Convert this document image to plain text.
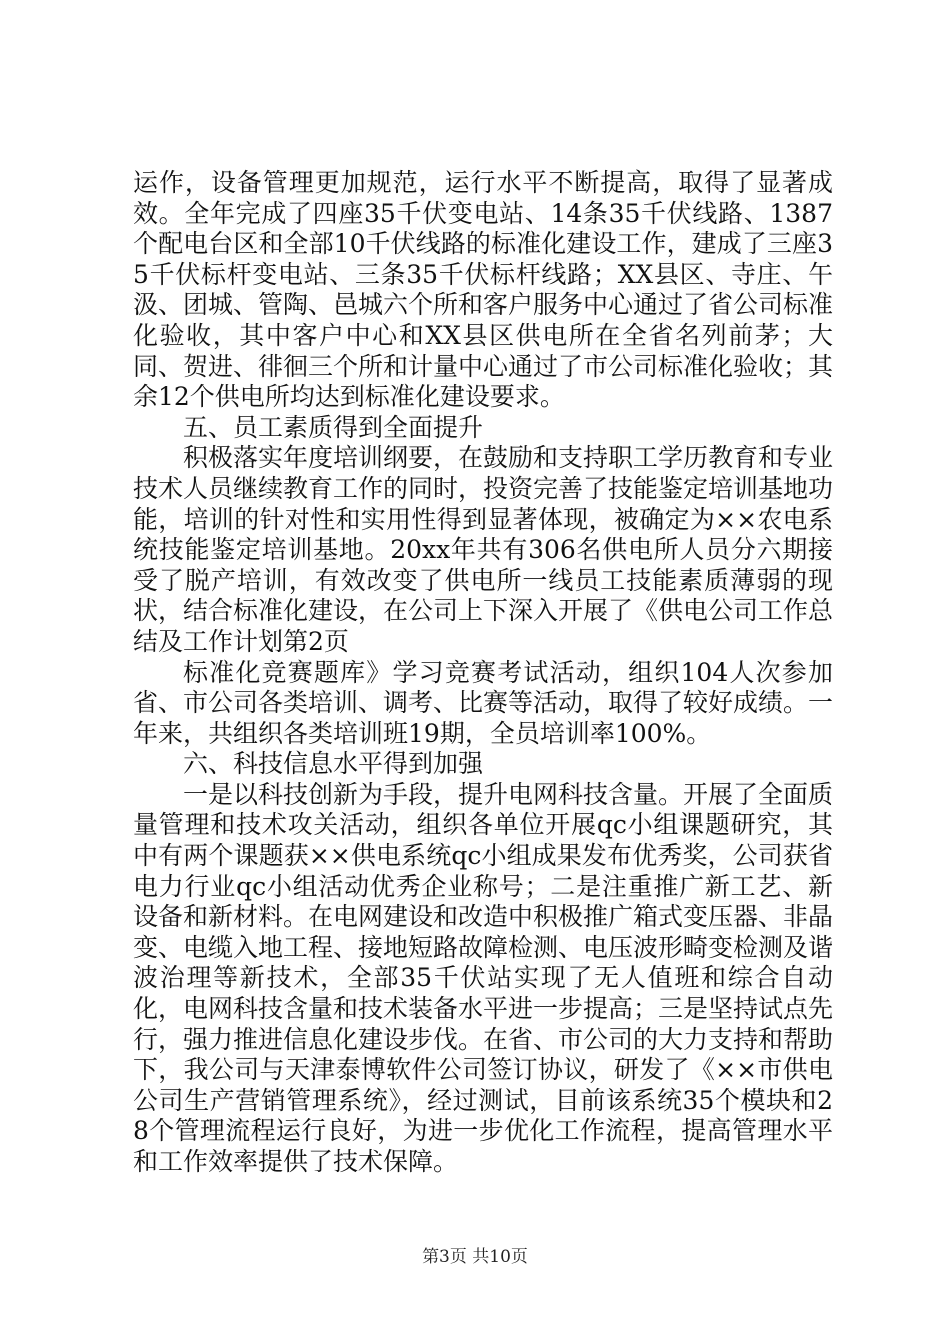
运作，设备管理更加规范，运行水平不断提高，取得了显著成效。全年完成了四座35千伏变电站、14条35千伏线路、1387个配电台区和全部10千伏线路的标准化建设工作，建成了三座35千伏标杆变电站、三条35千伏标杆线路；XX县区、寺庄、午汲、团城、管陶、邑城六个所和客户服务中心通过了省公司标准化验收，其中客户中心和XX县区供电所在全省名列前茅；大同、贺进、徘徊三个所和计量中心通过了市公司标准化验收；其余12个供电所均达到标准化建设要求。

五、员工素质得到全面提升

积极落实年度培训纲要，在鼓励和支持职工学历教育和专业技术人员继续教育工作的同时，投资完善了技能鉴定培训基地功能，培训的针对性和实用性得到显著体现，被确定为××农电系统技能鉴定培训基地。20xx年共有306名供电所人员分六期接受了脱产培训，有效改变了供电所一线员工技能素质薄弱的现状，结合标准化建设，在公司上下深入开展了《供电公司工作总结及工作计划第2页

标准化竞赛题库》学习竞赛考试活动，组织104人次参加省、市公司各类培训、调考、比赛等活动，取得了较好成绩。一年来，共组织各类培训班19期，全员培训率100%。

六、科技信息水平得到加强

一是以科技创新为手段，提升电网科技含量。开展了全面质量管理和技术攻关活动，组织各单位开展qc小组课题研究，其中有两个课题获××供电系统qc小组成果发布优秀奖，公司获省电力行业qc小组活动优秀企业称号；二是注重推广新工艺、新设备和新材料。在电网建设和改造中积极推广箱式变压器、非晶变、电缆入地工程、接地短路故障检测、电压波形畸变检测及谐波治理等新技术，全部35千伏站实现了无人值班和综合自动化，电网科技含量和技术装备水平进一步提高；三是坚持试点先行，强力推进信息化建设步伐。在省、市公司的大力支持和帮助下，我公司与天津泰博软件公司签订协议，研发了《××市供电公司生产营销管理系统》，经过测试，目前该系统35个模块和28个管理流程运行良好，为进一步优化工作流程，提高管理水平和工作效率提供了技术保障。

第3页 共10页
